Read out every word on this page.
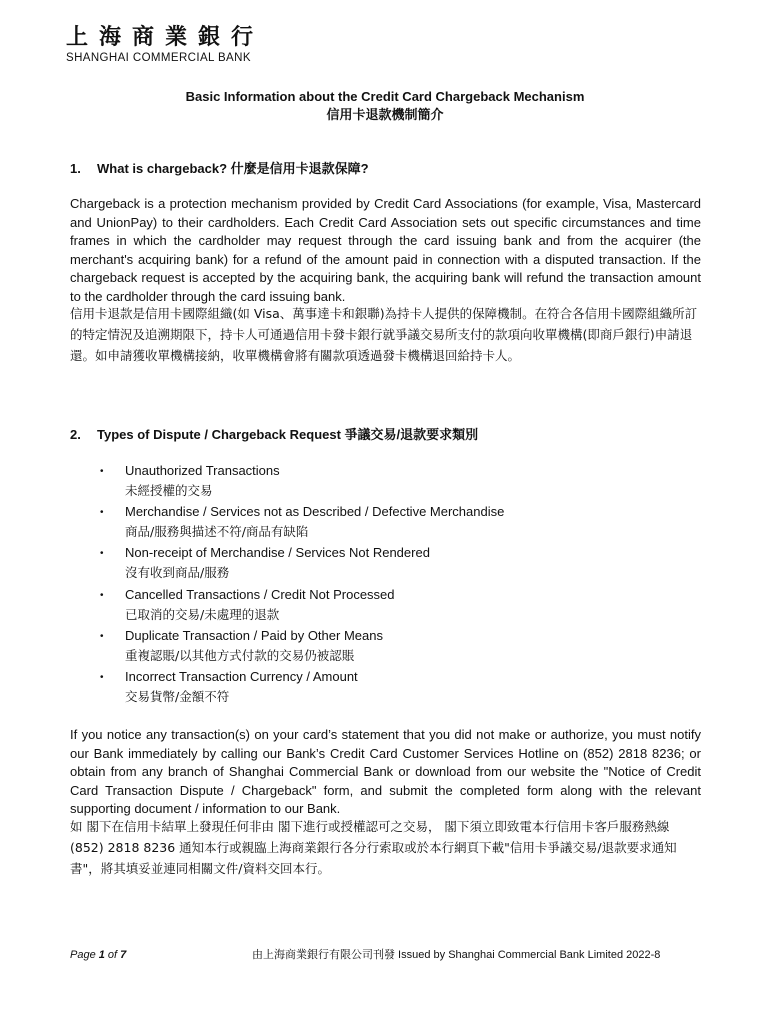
上海商業銀行
SHANGHAI COMMERCIAL BANK
Basic Information about the Credit Card Chargeback Mechanism
信用卡退款機制簡介
1. What is chargeback? 什麼是信用卡退款保障?

Chargeback is a protection mechanism provided by Credit Card Associations (for example, Visa, Mastercard and UnionPay) to their cardholders. Each Credit Card Association sets out specific circumstances and time frames in which the cardholder may request through the card issuing bank and from the acquirer (the merchant's acquiring bank) for a refund of the amount paid in connection with a disputed transaction. If the chargeback request is accepted by the acquiring bank, the acquiring bank will refund the transaction amount to the cardholder through the card issuing bank.

信用卡退款是信用卡國際組織(如 Visa、萬事達卡和銀聯)為持卡人提供的保障機制。在符合各信用卡國際組織所訂的特定情況及追溯期限下，持卡人可通過信用卡發卡銀行就爭議交易所支付的款項向收單機構(即商戶銀行)申請退還。如申請獲收單機構接納，收單機構會將有關款項透過發卡機構退回給持卡人。

2. Types of Dispute / Chargeback Request 爭議交易/退款要求類別
• Unauthorized Transactions
未經授權的交易
• Merchandise / Services not as Described / Defective Merchandise
商品/服務與描述不符/商品有缺陷
• Non-receipt of Merchandise / Services Not Rendered
沒有收到商品/服務
• Cancelled Transactions / Credit Not Processed
已取消的交易/未處理的退款
• Duplicate Transaction / Paid by Other Means
重複認賬/以其他方式付款的交易仍被認賬
• Incorrect Transaction Currency / Amount
交易貨幣/金額不符

If you notice any transaction(s) on your card’s statement that you did not make or authorize, you must notify our Bank immediately by calling our Bank’s Credit Card Customer Services Hotline on (852) 2818 8236; or obtain from any branch of Shanghai Commercial Bank or download from our website the "Notice of Credit Card Transaction Dispute / Chargeback" form, and submit the completed form along with the relevant supporting document / information to our Bank.

如 閣下在信用卡結單上發現任何非由 閣下進行或授權認可之交易， 閣下須立即致電本行信用卡客戶服務熱線(852) 2818 8236 通知本行或親臨上海商業銀行各分行索取或於本行網頁下載"信用卡爭議交易/退款要求通知書"，將其填妥並連同相關文件/資料交回本行。

Page 1 of 7	由上海商業銀行有限公司刊發 Issued by Shanghai Commercial Bank Limited 2022-8
